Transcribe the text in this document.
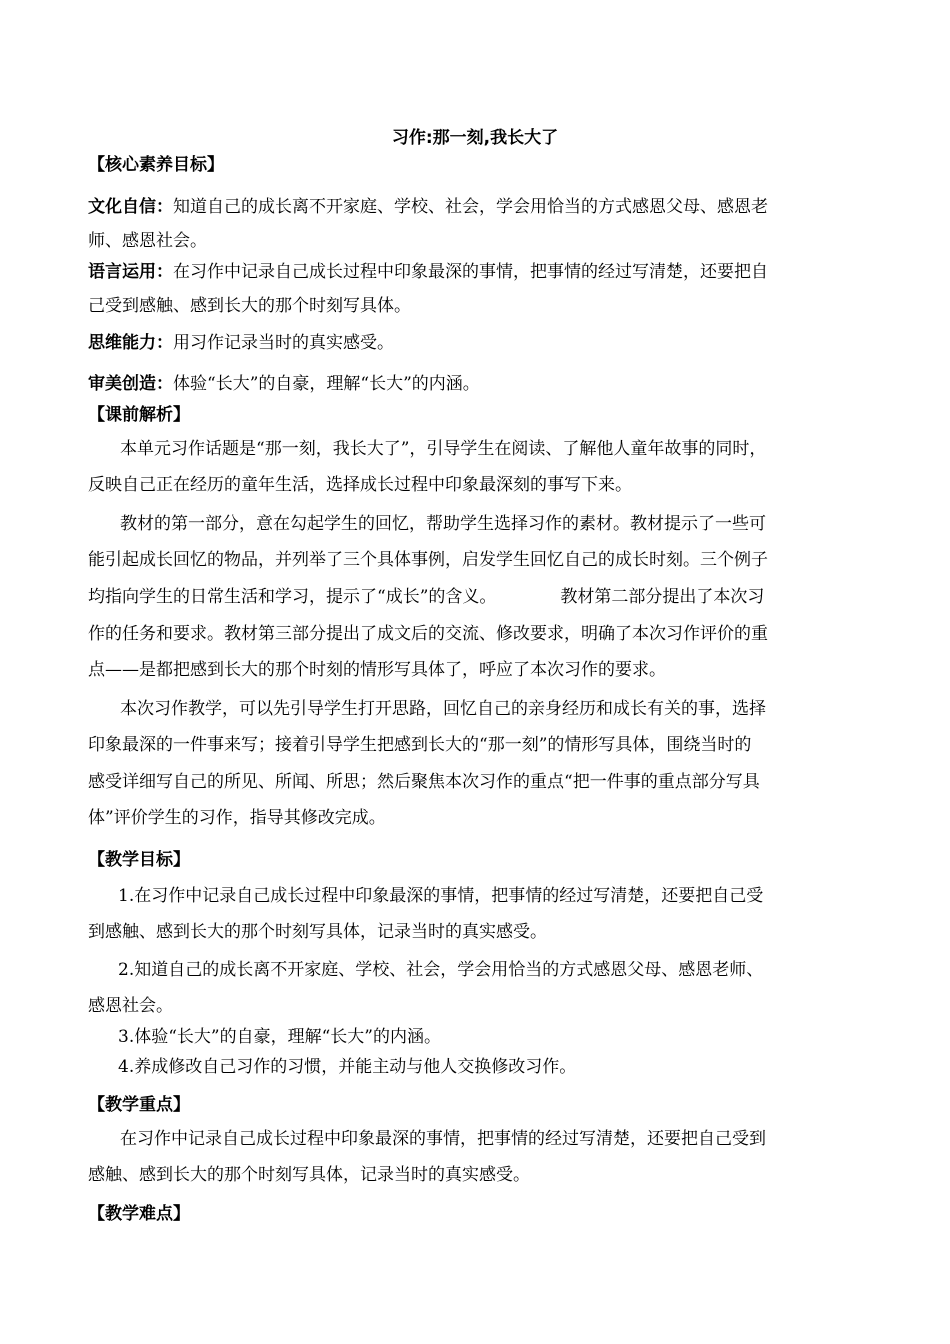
习作:那一刻,我长大了
【核心素养目标】
文化自信：知道自己的成长离不开家庭、学校、社会，学会用恰当的方式感恩父母、感恩老
师、感恩社会。
语言运用：在习作中记录自己成长过程中印象最深的事情，把事情的经过写清楚，还要把自
己受到感触、感到长大的那个时刻写具体。
思维能力：用习作记录当时的真实感受。
审美创造：体验“长大”的自豪，理解“长大”的内涵。
【课前解析】
本单元习作话题是“那一刻，我长大了”，引导学生在阅读、了解他人童年故事的同时，
反映自己正在经历的童年生活，选择成长过程中印象最深刻的事写下来。
教材的第一部分，意在勾起学生的回忆，帮助学生选择习作的素材。教材提示了一些可
能引起成长回忆的物品，并列举了三个具体事例，启发学生回忆自己的成长时刻。三个例子
均指向学生的日常生活和学习，提示了“成长”的含义。	教材第二部分提出了本次习
作的任务和要求。教材第三部分提出了成文后的交流、修改要求，明确了本次习作评价的重
点——是都把感到长大的那个时刻的情形写具体了，呼应了本次习作的要求。
本次习作教学，可以先引导学生打开思路，回忆自己的亲身经历和成长有关的事，选择
印象最深的一件事来写；接着引导学生把感到长大的“那一刻”的情形写具体，围绕当时的
感受详细写自己的所见、所闻、所思；然后聚焦本次习作的重点“把一件事的重点部分写具
体”评价学生的习作，指导其修改完成。
【教学目标】
1.在习作中记录自己成长过程中印象最深的事情，把事情的经过写清楚，还要把自己受
到感触、感到长大的那个时刻写具体，记录当时的真实感受。
2.知道自己的成长离不开家庭、学校、社会，学会用恰当的方式感恩父母、感恩老师、
感恩社会。
3.体验“长大”的自豪，理解“长大”的内涵。
4.养成修改自己习作的习惯，并能主动与他人交换修改习作。
【教学重点】
在习作中记录自己成长过程中印象最深的事情，把事情的经过写清楚，还要把自己受到
感触、感到长大的那个时刻写具体，记录当时的真实感受。
【教学难点】
